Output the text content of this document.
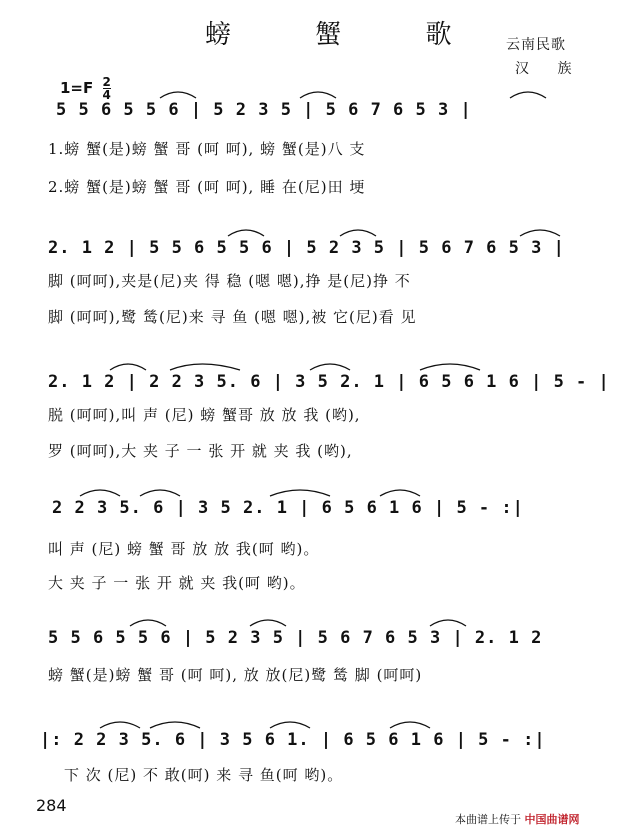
螃 蟹 歌 云南民歌
汉 族
$1=F \frac{2}{4}$
5 5 6 5 5 6 | 5 2 3 5 | 5 6 7 6 5 3 |
1.螃 蟹(是)螃 蟹 哥 (呵 呵), 螃 蟹(是)八 支
2.螃 蟹(是)螃 蟹 哥 (呵 呵), 睡 在(尼)田 埂
2. 1 2 | 5 5 6 5 5 6 | 5 2 3 5 | 5 6 7 6 5 3 |
脚 (呵呵),夹是(尼)夹 得 稳 (嗯 嗯),挣 是(尼)挣 不
脚 (呵呵),鹭 鸶(尼)来 寻 鱼 (嗯 嗯),被 它(尼)看 见
2. 1 2 | 2 2 3 5. 6 | 3 5 2. 1 | 6 5 6 1 6 | 5 - |
脱 (呵呵),叫 声 (尼) 螃 蟹哥 放 放 我 (哟),
罗 (呵呵),大 夹 子 一 张 开 就 夹 我 (哟),
2 2 3 5. 6 | 3 5 2. 1 | 6 5 6 1 6 | 5 - :|
叫 声 (尼) 螃 蟹 哥 放 放 我(呵 哟)。
大 夹 子 一 张 开 就 夹 我(呵 哟)。
5 5 6 5 5 6 | 5 2 3 5 | 5 6 7 6 5 3 | 2. 1 2
螃 蟹(是)螃 蟹 哥 (呵 呵), 放 放(尼)鹭 鸶 脚 (呵呵)
|: 2 2 3 5. 6 | 3 5 6 1. | 6 5 6 1 6 | 5 - :|
下 次 (尼) 不 敢(呵) 来 寻 鱼(呵 哟)。
284
本曲谱上传于 中国曲谱网
